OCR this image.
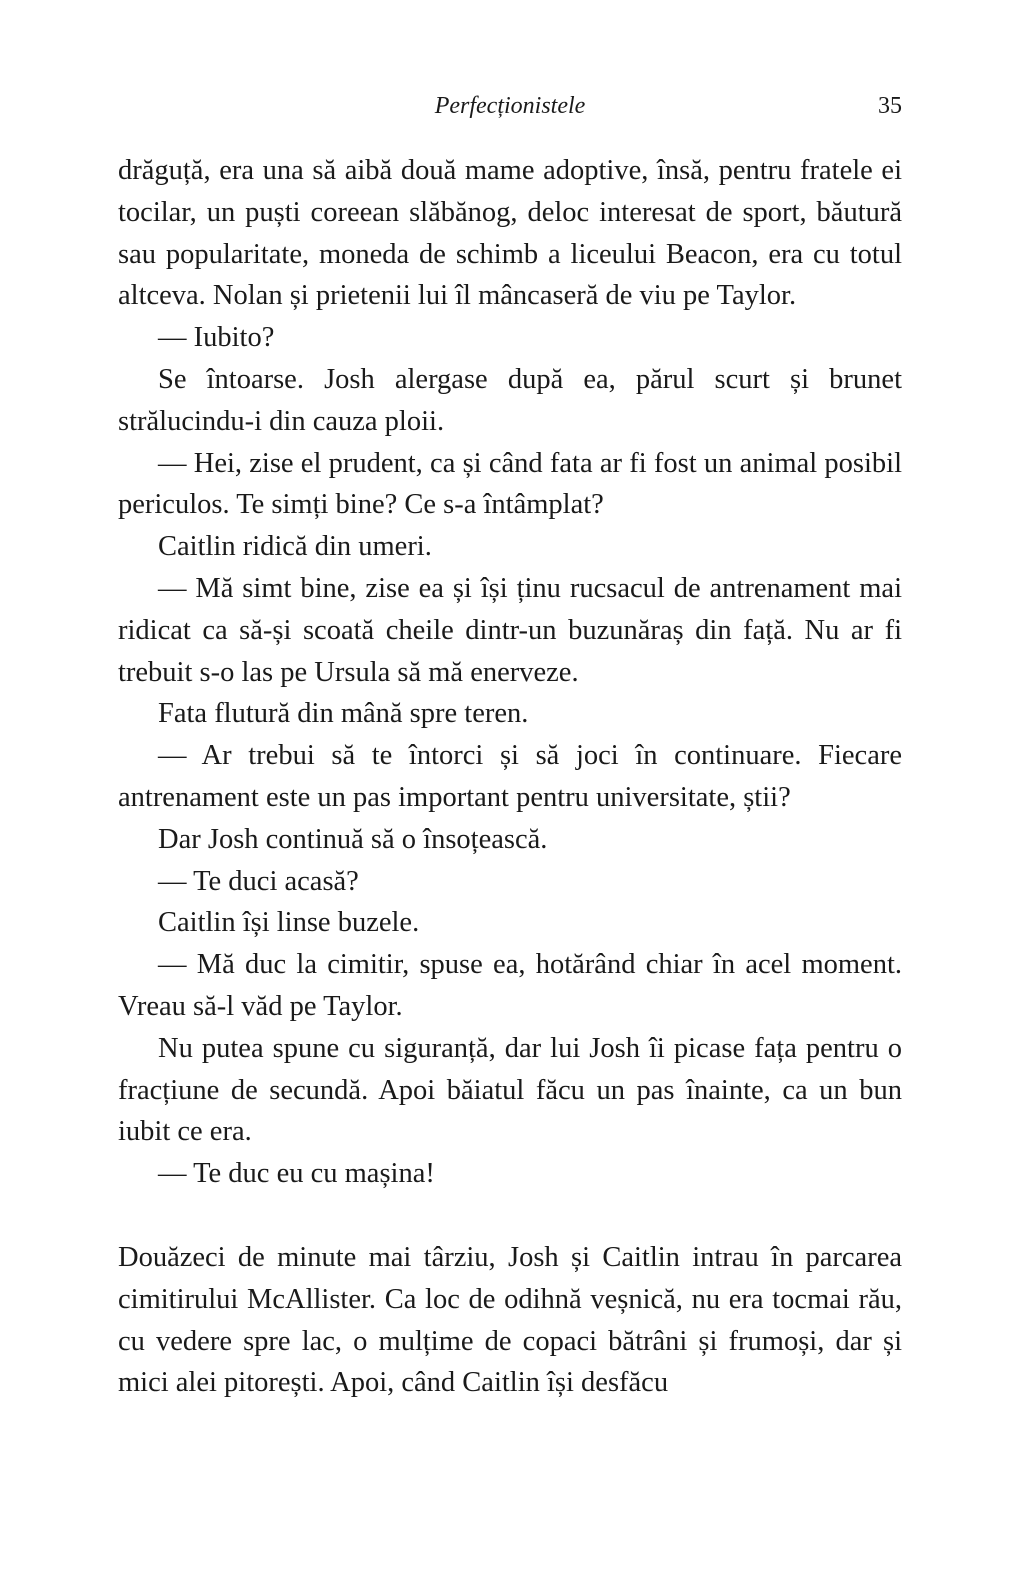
Perfecționistele	35

drăguță, era una să aibă două mame adoptive, însă, pentru fratele ei tocilar, un puști coreean slăbănog, deloc interesat de sport, băutură sau popularitate, moneda de schimb a liceului Beacon, era cu totul altceva. Nolan și prietenii lui îl mâncaseră de viu pe Taylor.

— Iubito?

Se întoarse. Josh alergase după ea, părul scurt și brunet strălucindu-i din cauza ploii.

— Hei, zise el prudent, ca și când fata ar fi fost un animal posibil periculos. Te simți bine? Ce s-a întâmplat?

Caitlin ridică din umeri.

— Mă simt bine, zise ea și își ținu rucsacul de antrenament mai ridicat ca să-și scoată cheile dintr-un buzunăraș din față. Nu ar fi trebuit s-o las pe Ursula să mă enerveze.

Fata flutură din mână spre teren.

— Ar trebui să te întorci și să joci în continuare. Fiecare antrenament este un pas important pentru universitate, știi?

Dar Josh continuă să o însoțească.

— Te duci acasă?

Caitlin își linse buzele.

— Mă duc la cimitir, spuse ea, hotărând chiar în acel moment. Vreau să-l văd pe Taylor.

Nu putea spune cu siguranță, dar lui Josh îi picase fața pentru o fracțiune de secundă. Apoi băiatul făcu un pas înainte, ca un bun iubit ce era.

— Te duc eu cu mașina!

Douăzeci de minute mai târziu, Josh și Caitlin intrau în parcarea cimitirului McAllister. Ca loc de odihnă veșnică, nu era tocmai rău, cu vedere spre lac, o mulțime de copaci bătrâni și frumoși, dar și mici alei pitorești. Apoi, când Caitlin își desfăcu
